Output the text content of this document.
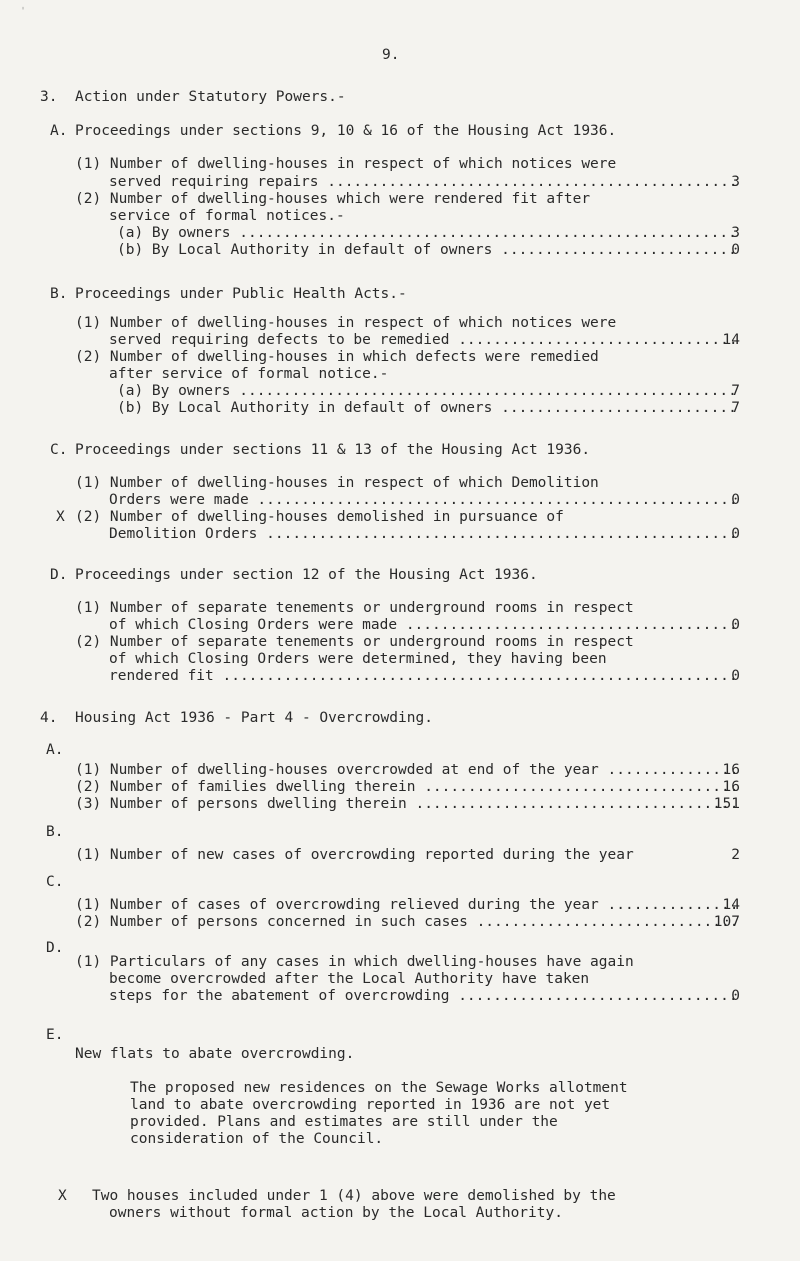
ˌ
9.
3. Action under Statutory Powers.-
A. Proceedings under sections 9, 10 & 16 of the Housing Act 1936.
(1) Number of dwelling-houses in respect of which notices were
served requiring repairs .....	3
(2) Number of dwelling-houses which were rendered fit after
service of formal notices.-
(a) By owners .....	3
(b) By Local Authority in default of owners .....	0
B. Proceedings under Public Health Acts.-
(1) Number of dwelling-houses in respect of which notices were
served requiring defects to be remedied .....	14
(2) Number of dwelling-houses in which defects were remedied
after service of formal notice.-
(a) By owners .....	7
(b) By Local Authority in default of owners .....	7
C. Proceedings under sections 11 & 13 of the Housing Act 1936.
(1) Number of dwelling-houses in respect of which Demolition
Orders were made .....	0
X (2) Number of dwelling-houses demolished in pursuance of
Demolition Orders .....	0
D. Proceedings under section 12 of the Housing Act 1936.
(1) Number of separate tenements or underground rooms in respect
of which Closing Orders were made .....	0
(2) Number of separate tenements or underground rooms in respect
of which Closing Orders were determined, they having been
rendered fit .....	0
4. Housing Act 1936 - Part 4 - Overcrowding.
A.
(1) Number of dwelling-houses overcrowded at end of the year .....	16
(2) Number of families dwelling therein .....	16
(3) Number of persons dwelling therein .....	151
B.
(1) Number of new cases of overcrowding reported during the year	2
C.
(1) Number of cases of overcrowding relieved during the year .....	14
(2) Number of persons concerned in such cases .....	107
D.
(1) Particulars of any cases in which dwelling-houses have again
become overcrowded after the Local Authority have taken
steps for the abatement of overcrowding .....	0
E.
New flats to abate overcrowding.
The proposed new residences on the Sewage Works allotment
land to abate overcrowding reported in 1936 are not yet
provided. Plans and estimates are still under the
consideration of the Council.
X Two houses included under 1 (4) above were demolished by the
owners without formal action by the Local Authority.
